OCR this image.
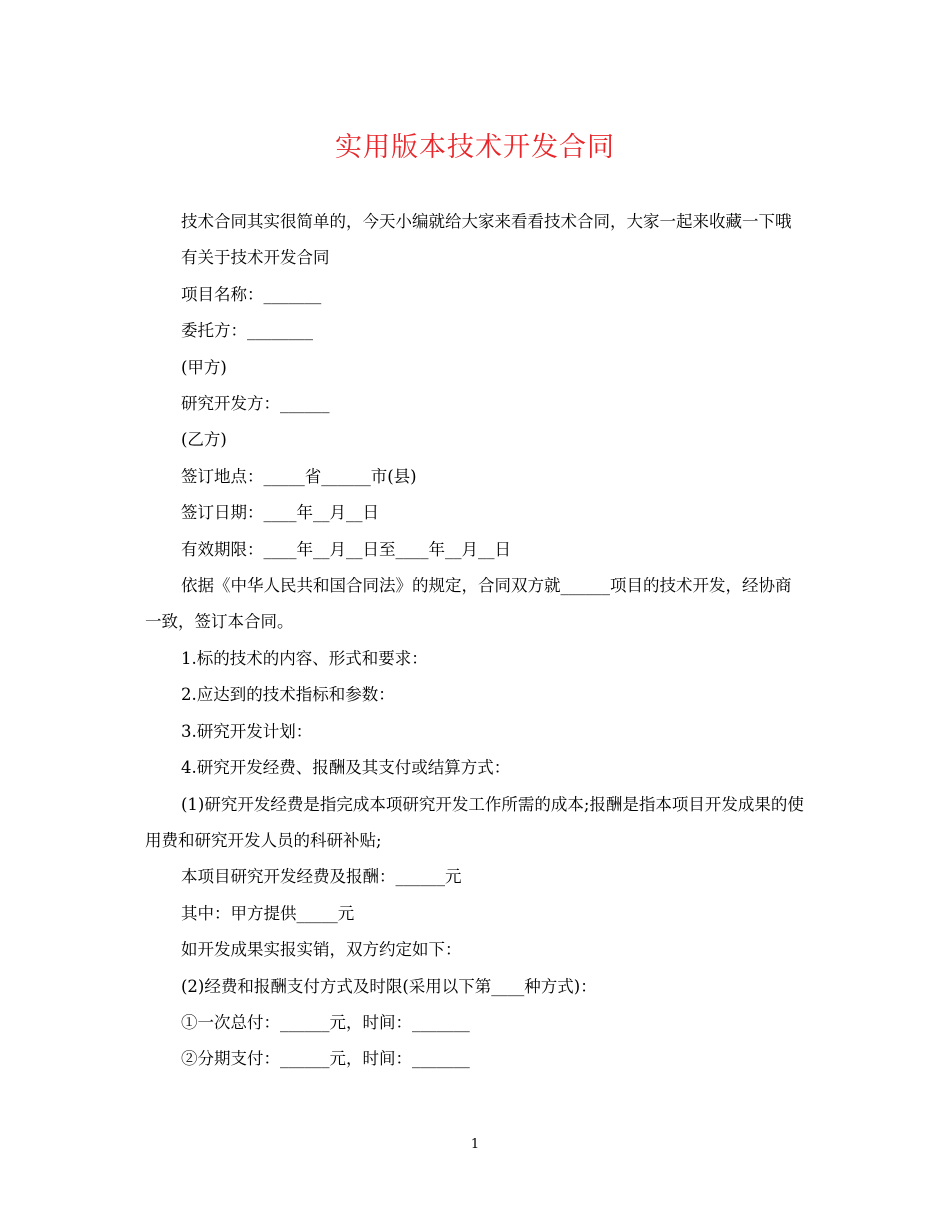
实用版本技术开发合同

技术合同其实很简单的，今天小编就给大家来看看技术合同，大家一起来收藏一下哦

有关于技术开发合同

项目名称：_______

委托方：________

(甲方)

研究开发方：______

(乙方)

签订地点：_____省______市(县)

签订日期：____年__月__日

有效期限：____年__月__日至____年__月__日

依据《中华人民共和国合同法》的规定，合同双方就______项目的技术开发，经协商一致，签订本合同。

1.标的技术的内容、形式和要求：

2.应达到的技术指标和参数：

3.研究开发计划：

4.研究开发经费、报酬及其支付或结算方式：

(1)研究开发经费是指完成本项研究开发工作所需的成本;报酬是指本项目开发成果的使用费和研究开发人员的科研补贴;

本项目研究开发经费及报酬：______元

其中：甲方提供_____元

如开发成果实报实销，双方约定如下：

(2)经费和报酬支付方式及时限(采用以下第____种方式)：

①一次总付：______元，时间：_______

②分期支付：______元，时间：_______

1
